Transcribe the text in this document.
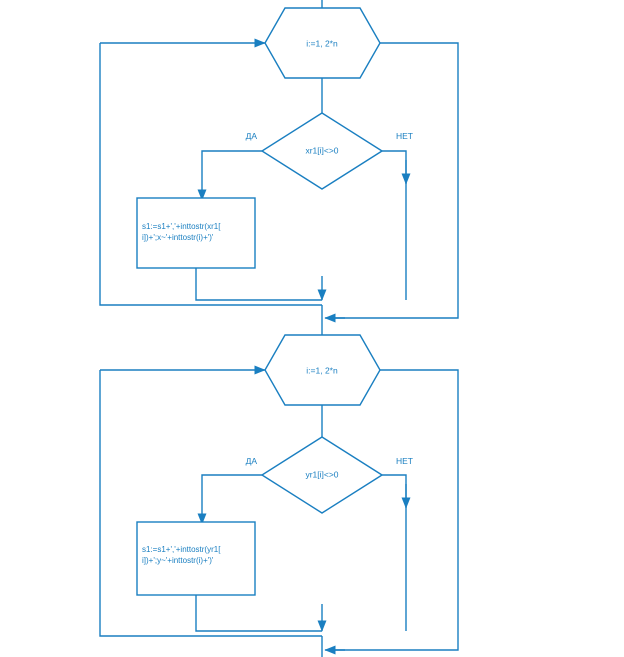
i:=1, 2*n
xr1[i]<>0
ДА
s1:=s1+','+inttostr(xr1[
i])+';x~'+inttostr(i)+')'
НЕТ
i:=1, 2*n
yr1[i]<>0
ДА
s1:=s1+','+inttostr(yr1[
i])+';y~'+inttostr(i)+')'
НЕТ
